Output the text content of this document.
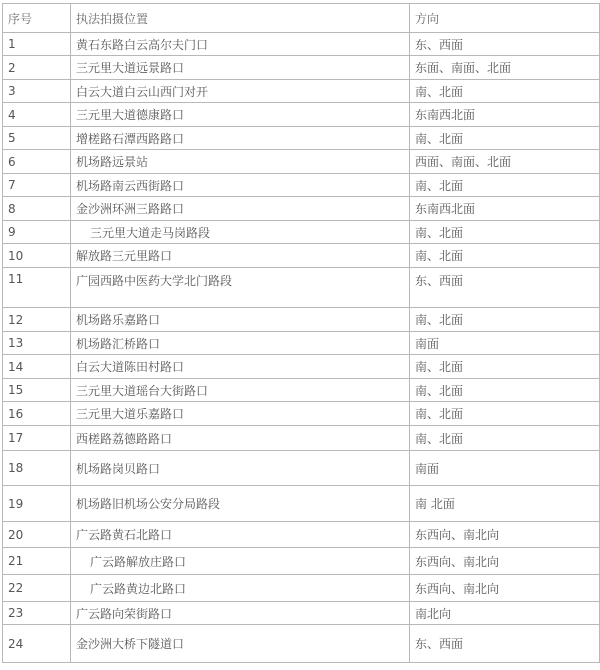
序号	执法拍摄位置	方向
1	黄石东路白云高尔夫门口	东、西面
2	三元里大道远景路口	东面、南面、北面
3	白云大道白云山西门对开	南、北面
4	三元里大道德康路口	东南西北面
5	增槎路石潭西路路口	南、北面
6	机场路远景站	西面、南面、北面
7	机场路南云西街路口	南、北面
8	金沙洲环洲三路路口	东南西北面
9	三元里大道走马岗路段	南、北面
10	解放路三元里路口	南、北面
11	广园西路中医药大学北门路段	东、西面
12	机场路乐嘉路口	南、北面
13	机场路汇桥路口	南面
14	白云大道陈田村路口	南、北面
15	三元里大道瑶台大街路口	南、北面
16	三元里大道乐嘉路口	南、北面
17	西槎路荔德路路口	南、北面
18	机场路岗贝路口	南面
19	机场路旧机场公安分局路段	南 北面
20	广云路黄石北路口	东西向、南北向
21	广云路解放庄路口	东西向、南北向
22	广云路黄边北路口	东西向、南北向
23	广云路向荣街路口	南北向
24	金沙洲大桥下隧道口	东、西面
